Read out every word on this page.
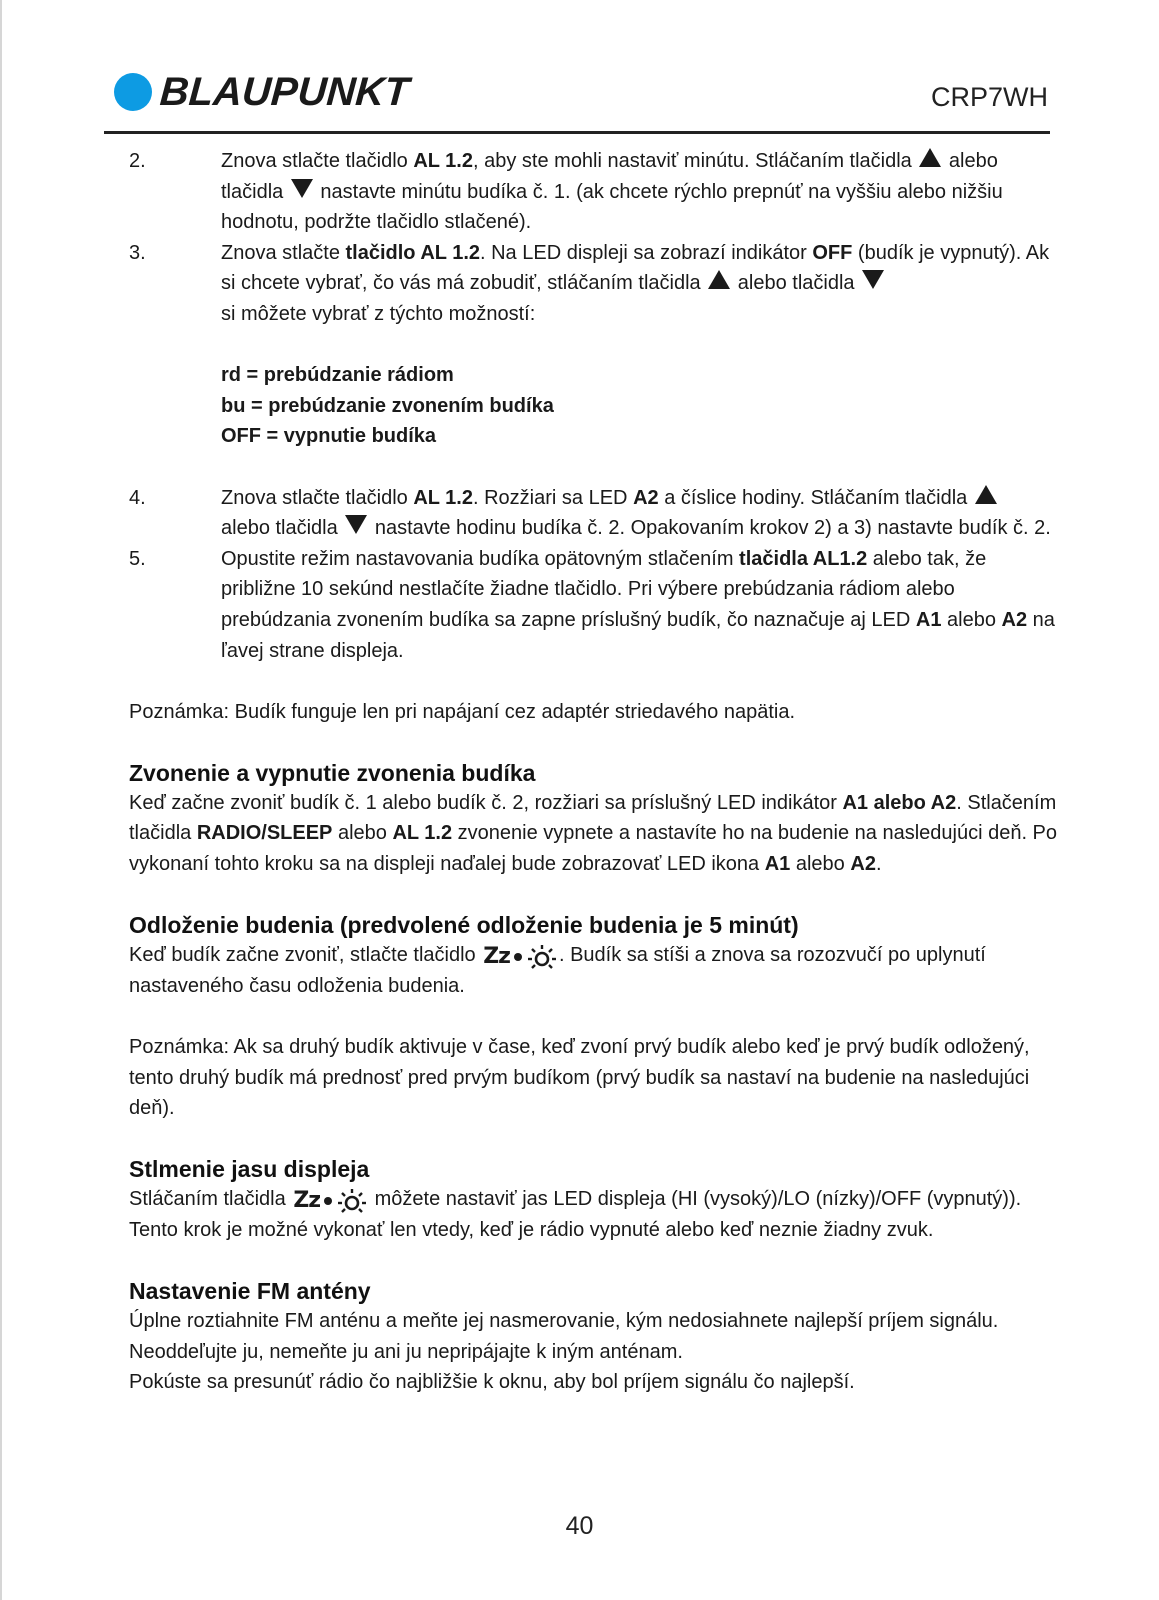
BLAUPUNKT	CRP7WH
2.	Znova stlačte tlačidlo AL 1.2, aby ste mohli nastaviť minútu. Stláčaním tlačidla  alebo tlačidla  nastavte minútu budíka č. 1. (ak chcete rýchlo prepnúť na vyššiu alebo nižšiu hodnotu, podržte tlačidlo stlačené).
3.	Znova stlačte tlačidlo AL 1.2. Na LED displeji sa zobrazí indikátor OFF (budík je vypnutý). Ak si chcete vybrať, čo vás má zobudiť, stláčaním tlačidla  alebo tlačidla
si môžete vybrať z týchto možností:
rd = prebúdzanie rádiom
bu = prebúdzanie zvonením budíka
OFF = vypnutie budíka
4.	Znova stlačte tlačidlo AL 1.2. Rozžiari sa LED A2 a číslice hodiny. Stláčaním tlačidla
alebo tlačidla  nastavte hodinu budíka č. 2. Opakovaním krokov 2) a 3) nastavte budík č. 2.
5.	Opustite režim nastavovania budíka opätovným stlačením tlačidla AL1.2 alebo tak, že približne 10 sekúnd nestlačíte žiadne tlačidlo. Pri výbere prebúdzania rádiom alebo prebúdzania zvonením budíka sa zapne príslušný budík, čo naznačuje aj LED A1 alebo A2 na ľavej strane displeja.
Poznámka: Budík funguje len pri napájaní cez adaptér striedavého napätia.
Zvonenie a vypnutie zvonenia budíka
Keď začne zvoniť budík č. 1 alebo budík č. 2, rozžiari sa príslušný LED indikátor A1 alebo A2. Stlačením tlačidla RADIO/SLEEP alebo AL 1.2 zvonenie vypnete a nastavíte ho na budenie na nasledujúci deň. Po vykonaní tohto kroku sa na displeji naďalej bude zobrazovať LED ikona A1 alebo A2.
Odloženie budenia (predvolené odloženie budenia je 5 minút)
Keď budík začne zvoniť, stlačte tlačidlo Zz . Budík sa stíši a znova sa rozozvučí po uplynutí nastaveného času odloženia budenia.
Poznámka: Ak sa druhý budík aktivuje v čase, keď zvoní prvý budík alebo keď je prvý budík odložený, tento druhý budík má prednosť pred prvým budíkom (prvý budík sa nastaví na budenie na nasledujúci deň).
Stlmenie jasu displeja
Stláčaním tlačidla Zz môžete nastaviť jas LED displeja (HI (vysoký)/LO (nízky)/OFF (vypnutý)). Tento krok je možné vykonať len vtedy, keď je rádio vypnuté alebo keď neznie žiadny zvuk.
Nastavenie FM antény
Úplne roztiahnite FM anténu a meňte jej nasmerovanie, kým nedosiahnete najlepší príjem signálu. Neoddeľujte ju, nemeňte ju ani ju nepripájajte k iným anténam.
Pokúste sa presunúť rádio čo najbližšie k oknu, aby bol príjem signálu čo najlepší.
40
